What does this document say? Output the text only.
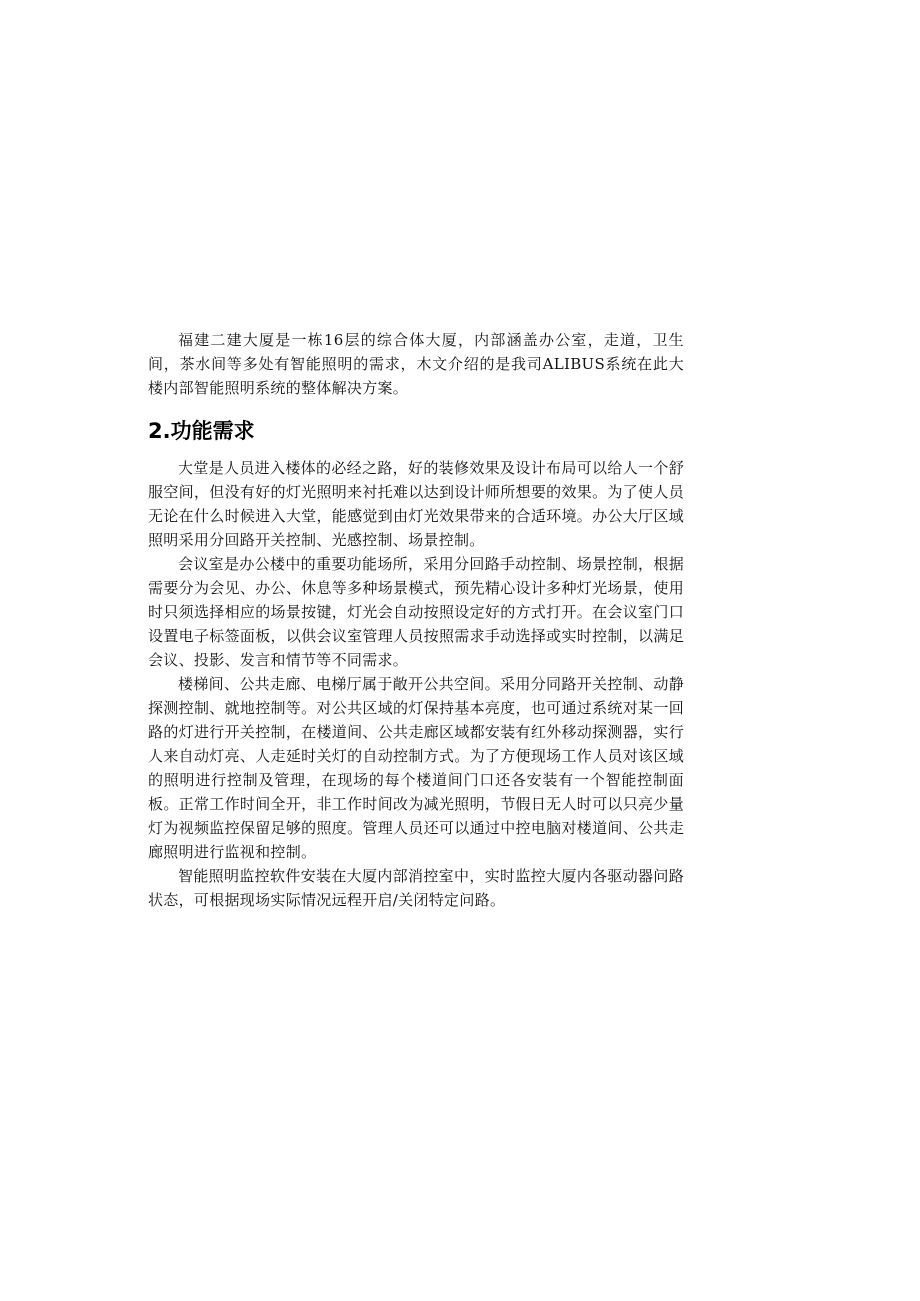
福建二建大厦是一栋16层的综合体大厦，内部涵盖办公室，走道，卫生间，茶水间等多处有智能照明的需求，木文介绍的是我司ALIBUS系统在此大楼内部智能照明系统的整体解决方案。

2.功能需求

大堂是人员进入楼体的必经之路，好的装修效果及设计布局可以给人一个舒服空间，但没有好的灯光照明来衬托难以达到设计师所想要的效果。为了使人员无论在什么时候进入大堂，能感觉到由灯光效果带来的合适环境。办公大厅区域照明采用分回路开关控制、光感控制、场景控制。

会议室是办公楼中的重要功能场所，采用分回路手动控制、场景控制，根据需要分为会见、办公、休息等多种场景模式，预先精心设计多种灯光场景，使用时只须选择相应的场景按键，灯光会自动按照设定好的方式打开。在会议室门口设置电子标签面板，以供会议室管理人员按照需求手动选择或实时控制，以满足会议、投影、发言和情节等不同需求。

楼梯间、公共走廊、电梯厅属于敞开公共空间。采用分同路开关控制、动静探测控制、就地控制等。对公共区域的灯保持基本亮度，也可通过系统对某一回路的灯进行开关控制，在楼道间、公共走廊区域都安装有红外移动探测器，实行人来自动灯亮、人走延时关灯的自动控制方式。为了方便现场工作人员对该区域的照明进行控制及管理，在现场的每个楼道间门口还各安装有一个智能控制面板。正常工作时间全开，非工作时间改为减光照明，节假日无人时可以只亮少量灯为视频监控保留足够的照度。管理人员还可以通过中控电脑对楼道间、公共走廊照明进行监视和控制。

智能照明监控软件安装在大厦内部消控室中，实时监控大厦内各驱动器问路状态，可根据现场实际情况远程开启/关闭特定问路。
